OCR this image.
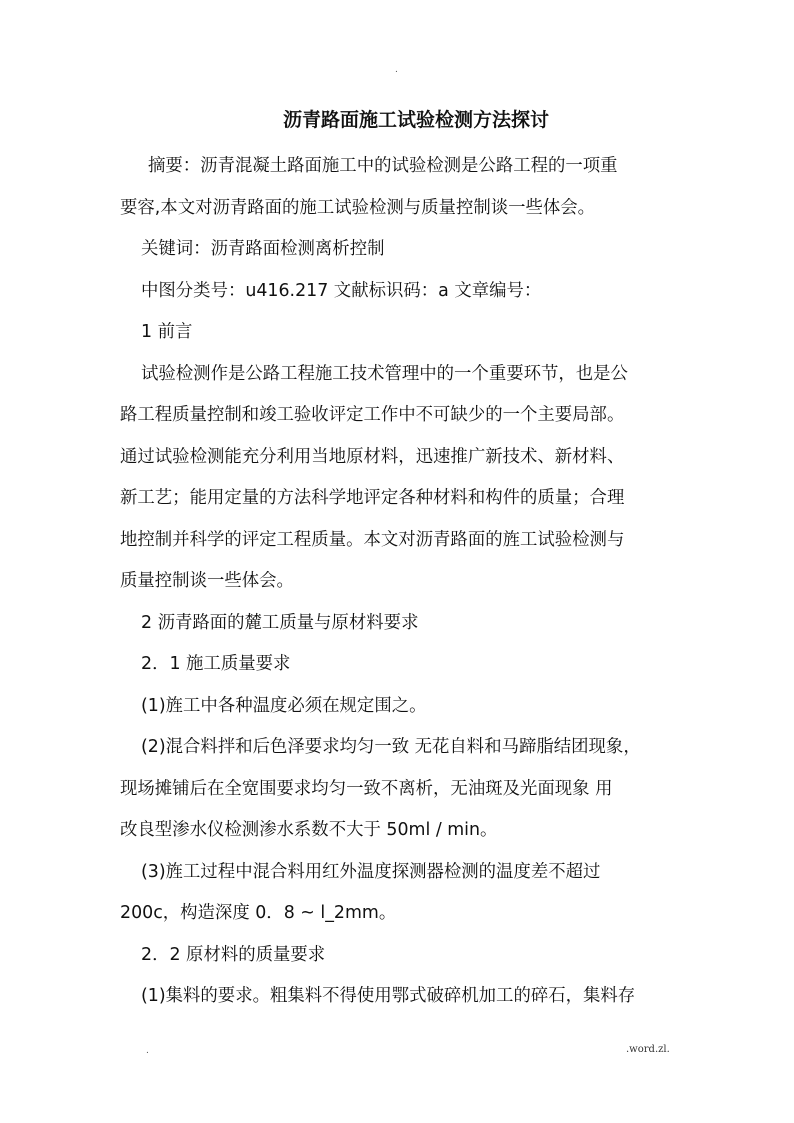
.
沥青路面施工试验检测方法探讨
摘要：沥青混凝土路面施工中的试验检测是公路工程的一项重
要容,本文对沥青路面的施工试验检测与质量控制谈一些体会。
关键词：沥青路面检测离析控制
中图分类号：u416.217 文献标识码：a 文章编号：
1 前言
试验检测作是公路工程施工技术管理中的一个重要环节，也是公
路工程质量控制和竣工验收评定工作中不可缺少的一个主要局部。
通过试验检测能充分利用当地原材料，迅速推广新技术、新材料、
新工艺；能用定量的方法科学地评定各种材料和构件的质量；合理
地控制并科学的评定工程质量。本文对沥青路面的旌工试验检测与
质量控制谈一些体会。
2 沥青路面的麓工质量与原材料要求
2．1 施工质量要求
(1)旌工中各种温度必须在规定围之。
(2)混合料拌和后色泽要求均匀一致 无花自料和马蹄脂结团现象，
现场摊铺后在全宽围要求均匀一致不离析，无油斑及光面现象 用
改良型渗水仪检测渗水系数不大于 50ml / min。
(3)旌工过程中混合料用红外温度探测器检测的温度差不超过
200c，构造深度 0．8 ~ l_2mm。
2．2 原材料的质量要求
(1)集料的要求。粗集料不得使用鄂式破碎机加工的碎石，集料存
.	.word.zl.
